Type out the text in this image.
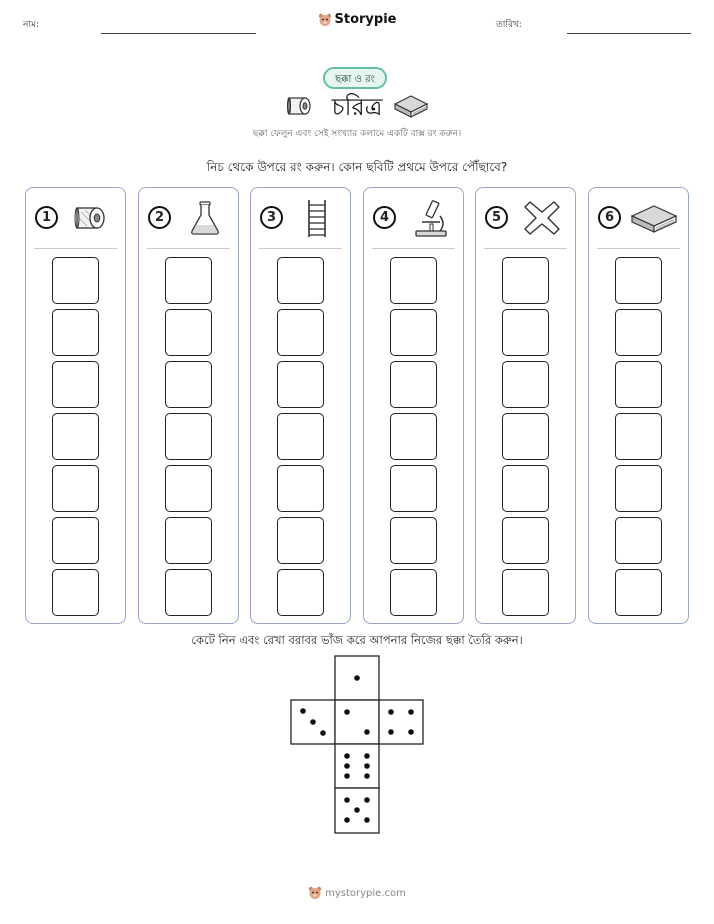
নাম:	Storypie	তারিখ:
ছক্কা ও রং
চরিত্র
ছক্কা ফেলুন এবং সেই সংখ্যার কলামে একটি বাক্স রং করুন।
নিচ থেকে উপরে রং করুন। কোন ছবিটি প্রথমে উপরে পৌঁছাবে?
1	2	3	4	5	6
কেটে নিন এবং রেখা বরাবর ভাঁজ করে আপনার নিজের ছক্কা তৈরি করুন।
mystorypie.com
